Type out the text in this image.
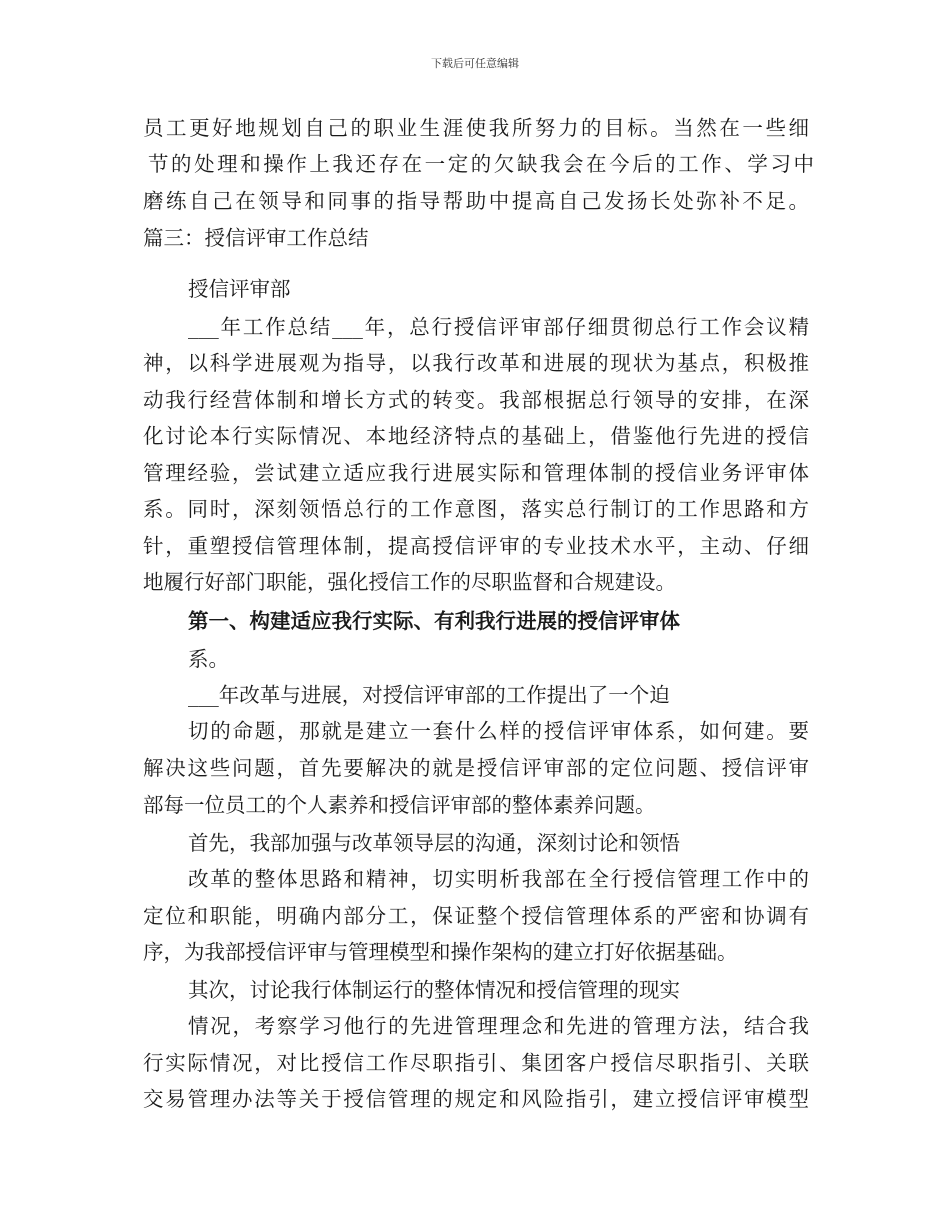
下载后可任意编辑
员工更好地规划自己的职业生涯使我所努力的目标。当然在一些细
节的处理和操作上我还存在一定的欠缺我会在今后的工作、学习中
磨练自己在领导和同事的指导帮助中提高自己发扬长处弥补不足。
篇三：授信评审工作总结
授信评审部
___年工作总结___年，总行授信评审部仔细贯彻总行工作会议精
神，以科学进展观为指导，以我行改革和进展的现状为基点，积极推
动我行经营体制和增长方式的转变。我部根据总行领导的安排，在深
化讨论本行实际情况、本地经济特点的基础上，借鉴他行先进的授信
管理经验，尝试建立适应我行进展实际和管理体制的授信业务评审体
系。同时，深刻领悟总行的工作意图，落实总行制订的工作思路和方
针，重塑授信管理体制，提高授信评审的专业技术水平，主动、仔细
地履行好部门职能，强化授信工作的尽职监督和合规建设。
第一、构建适应我行实际、有利我行进展的授信评审体
系。
___年改革与进展，对授信评审部的工作提出了一个迫
切的命题，那就是建立一套什么样的授信评审体系，如何建。要
解决这些问题，首先要解决的就是授信评审部的定位问题、授信评审
部每一位员工的个人素养和授信评审部的整体素养问题。
首先，我部加强与改革领导层的沟通，深刻讨论和领悟
改革的整体思路和精神，切实明析我部在全行授信管理工作中的
定位和职能，明确内部分工，保证整个授信管理体系的严密和协调有
序，为我部授信评审与管理模型和操作架构的建立打好依据基础。
其次，讨论我行体制运行的整体情况和授信管理的现实
情况，考察学习他行的先进管理理念和先进的管理方法，结合我
行实际情况，对比授信工作尽职指引、集团客户授信尽职指引、关联
交易管理办法等关于授信管理的规定和风险指引，建立授信评审模型
